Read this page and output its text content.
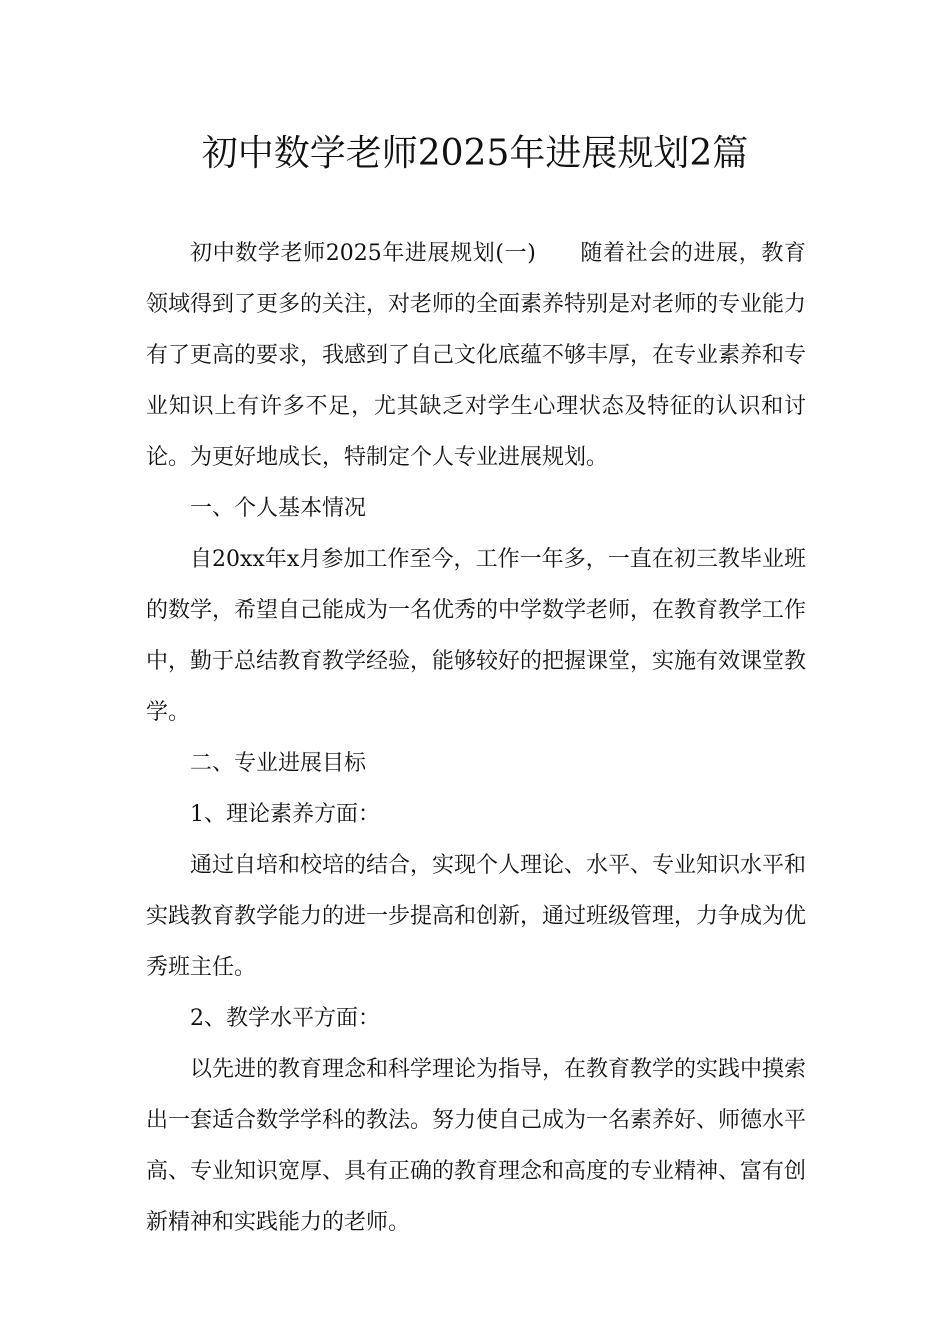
初中数学老师2025年进展规划2篇

初中数学老师2025年进展规划(一) 随着社会的进展，教育领域得到了更多的关注，对老师的全面素养特别是对老师的专业能力有了更高的要求，我感到了自己文化底蕴不够丰厚，在专业素养和专业知识上有许多不足，尤其缺乏对学生心理状态及特征的认识和讨论。为更好地成长，特制定个人专业进展规划。

一、个人基本情况

自20xx年x月参加工作至今，工作一年多，一直在初三教毕业班的数学，希望自己能成为一名优秀的中学数学老师，在教育教学工作中，勤于总结教育教学经验，能够较好的把握课堂，实施有效课堂教学。

二、专业进展目标

1、理论素养方面：

通过自培和校培的结合，实现个人理论、水平、专业知识水平和实践教育教学能力的进一步提高和创新，通过班级管理，力争成为优秀班主任。

2、教学水平方面：

以先进的教育理念和科学理论为指导，在教育教学的实践中摸索出一套适合数学学科的教法。努力使自己成为一名素养好、师德水平高、专业知识宽厚、具有正确的教育理念和高度的专业精神、富有创新精神和实践能力的老师。
